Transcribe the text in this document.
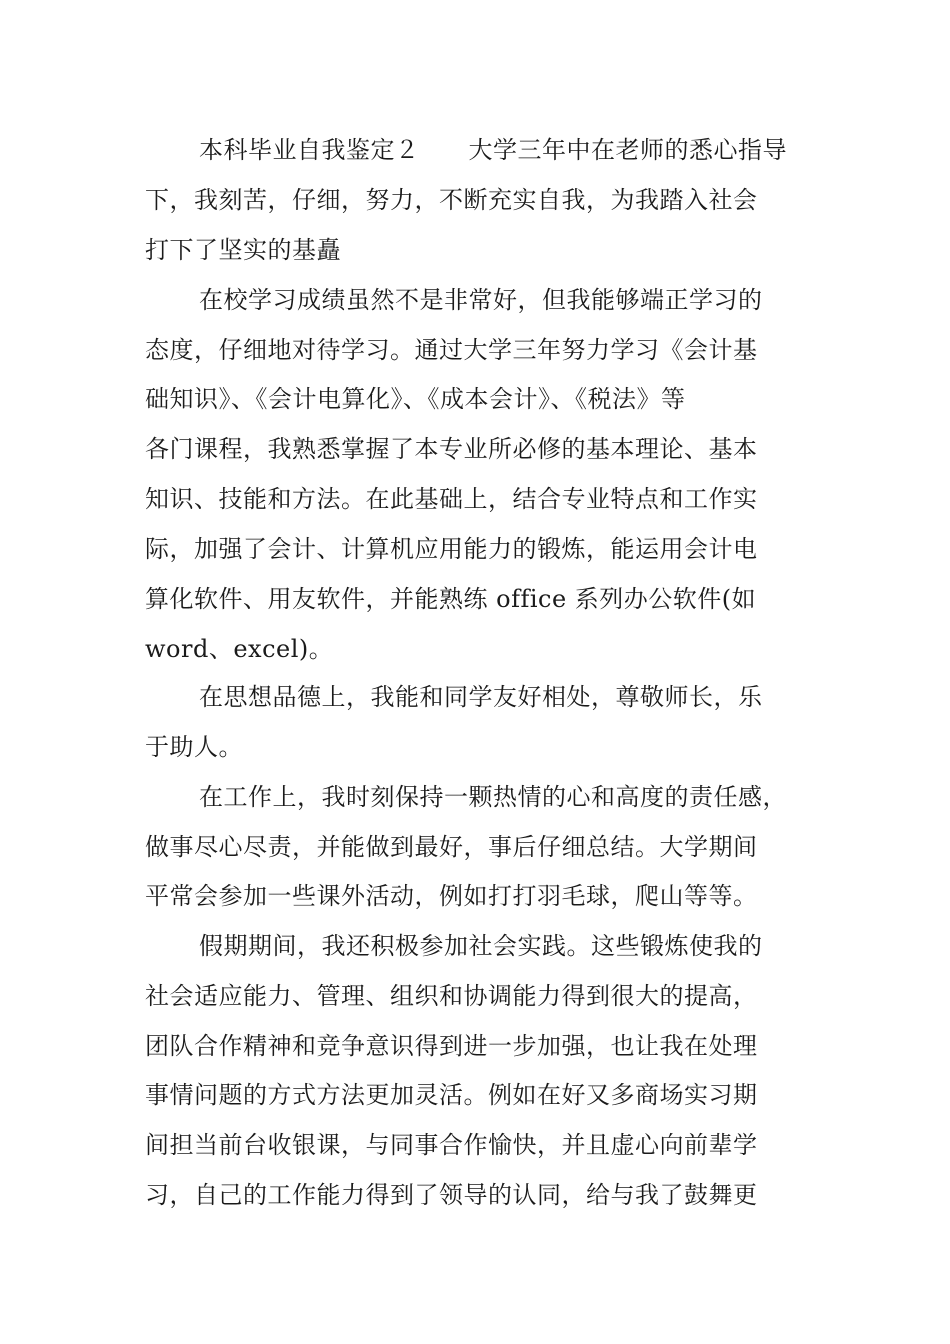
本科毕业自我鉴定２　　大学三年中在老师的悉心指导
下，我刻苦，仔细，努力，不断充实自我，为我踏入社会
打下了坚实的基矗
在校学习成绩虽然不是非常好，但我能够端正学习的
态度，仔细地对待学习。通过大学三年努力学习《会计基
础知识》、《会计电算化》、《成本会计》、《税法》等
各门课程，我熟悉掌握了本专业所必修的基本理论、基本
知识、技能和方法。在此基础上，结合专业特点和工作实
际，加强了会计、计算机应用能力的锻炼，能运用会计电
算化软件、用友软件，并能熟练 office 系列办公软件(如
word、excel)。
在思想品德上，我能和同学友好相处，尊敬师长，乐
于助人。
在工作上，我时刻保持一颗热情的心和高度的责任感，
做事尽心尽责，并能做到最好，事后仔细总结。大学期间
平常会参加一些课外活动，例如打打羽毛球，爬山等等。
假期期间，我还积极参加社会实践。这些锻炼使我的
社会适应能力、管理、组织和协调能力得到很大的提高，
团队合作精神和竞争意识得到进一步加强，也让我在处理
事情问题的方式方法更加灵活。例如在好又多商场实习期
间担当前台收银课，与同事合作愉快，并且虚心向前辈学
习，自己的工作能力得到了领导的认同，给与我了鼓舞更
